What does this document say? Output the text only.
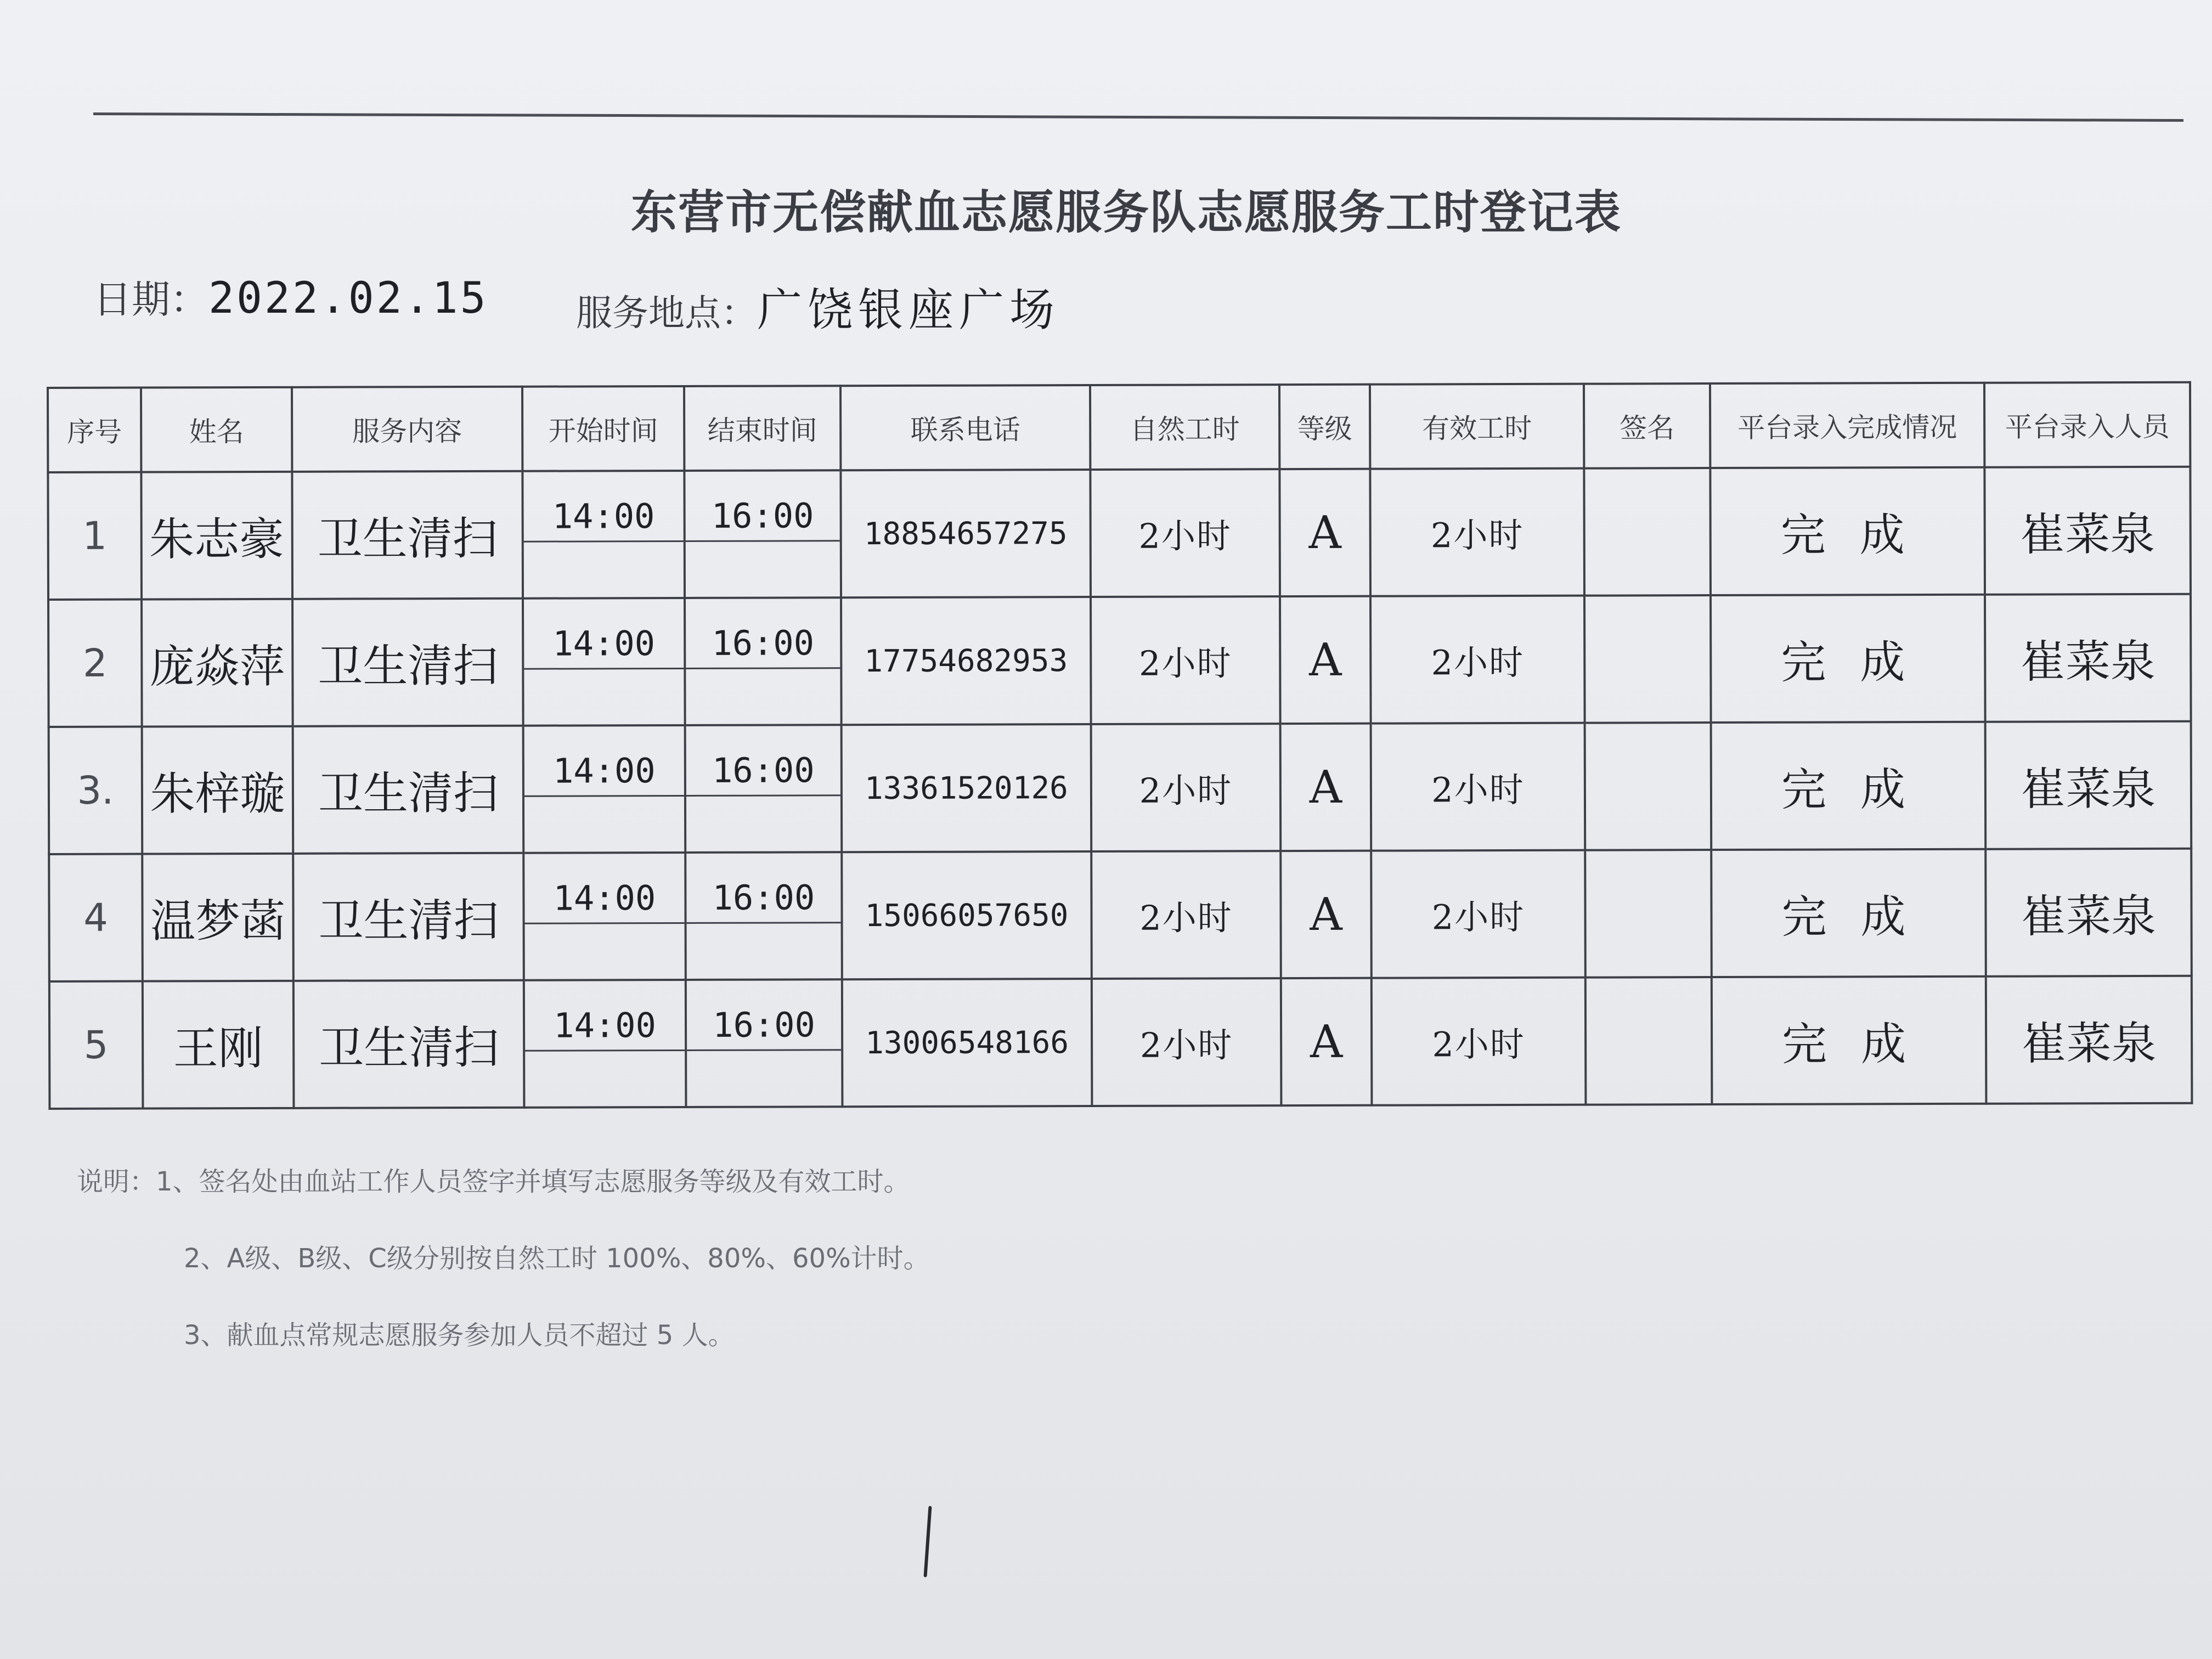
东营市无偿献血志愿服务队志愿服务工时登记表
日期：2022.02.15 服务地点：广饶银座广场
序号	姓名	服务内容	开始时间	结束时间	联系电话	自然工时	等级	有效工时	签名	平台录入完成情况	平台录入人员
1	朱志豪	卫生清扫	14:00	16:00	18854657275	2小时	A	2小时		完 成	崔菜泉
2	庞焱萍	卫生清扫	14:00	16:00	17754682953	2小时	A	2小时		完 成	崔菜泉
3.	朱梓璇	卫生清扫	14:00	16:00	13361520126	2小时	A	2小时		完 成	崔菜泉
4	温梦菡	卫生清扫	14:00	16:00	15066057650	2小时	A	2小时		完 成	崔菜泉
5	王刚	卫生清扫	14:00	16:00	13006548166	2小时	A	2小时		完 成	崔菜泉
说明：1、签名处由血站工作人员签字并填写志愿服务等级及有效工时。
2、A级、B级、C级分别按自然工时 100%、80%、60%计时。
3、献血点常规志愿服务参加人员不超过 5 人。
